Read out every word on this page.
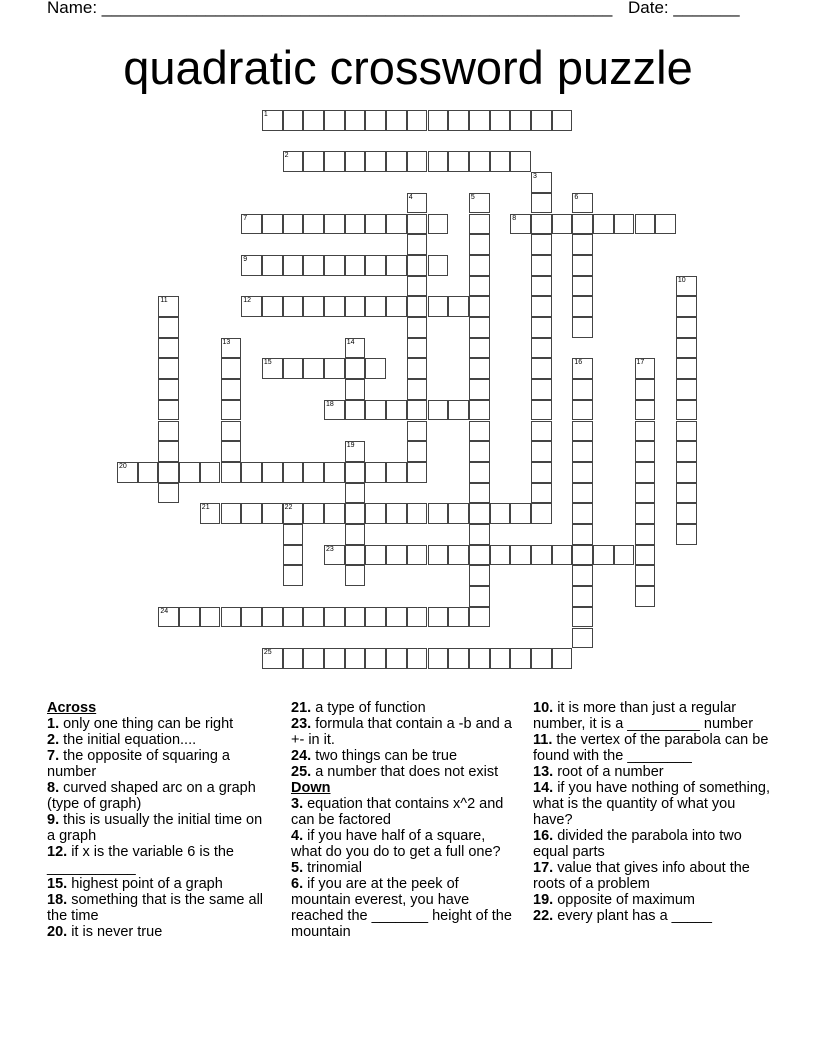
Name: ______________________________________________________ Date: _______
quadratic crossword puzzle
1
2
3
4	5	6
7	8
9
10
11	12
13	14
15	16	17
18
19
20
21	22
23
24
25
Across
1. only one thing can be right
2. the initial equation....
7. the opposite of squaring a number
8. curved shaped arc on a graph (type of graph)
9. this is usually the initial time on a graph
12. if x is the variable 6 is the ___________
15. highest point of a graph
18. something that is the same all the time
20. it is never true
21. a type of function
23. formula that contain a -b and a +- in it.
24. two things can be true
25. a number that does not exist
Down
3. equation that contains x^2 and can be factored
4. if you have half of a square, what do you do to get a full one?
5. trinomial
6. if you are at the peek of mountain everest, you have reached the _______ height of the mountain
10. it is more than just a regular number, it is a _________ number
11. the vertex of the parabola can be found with the ________
13. root of a number
14. if you have nothing of something, what is the quantity of what you have?
16. divided the parabola into two equal parts
17. value that gives info about the roots of a problem
19. opposite of maximum
22. every plant has a _____
